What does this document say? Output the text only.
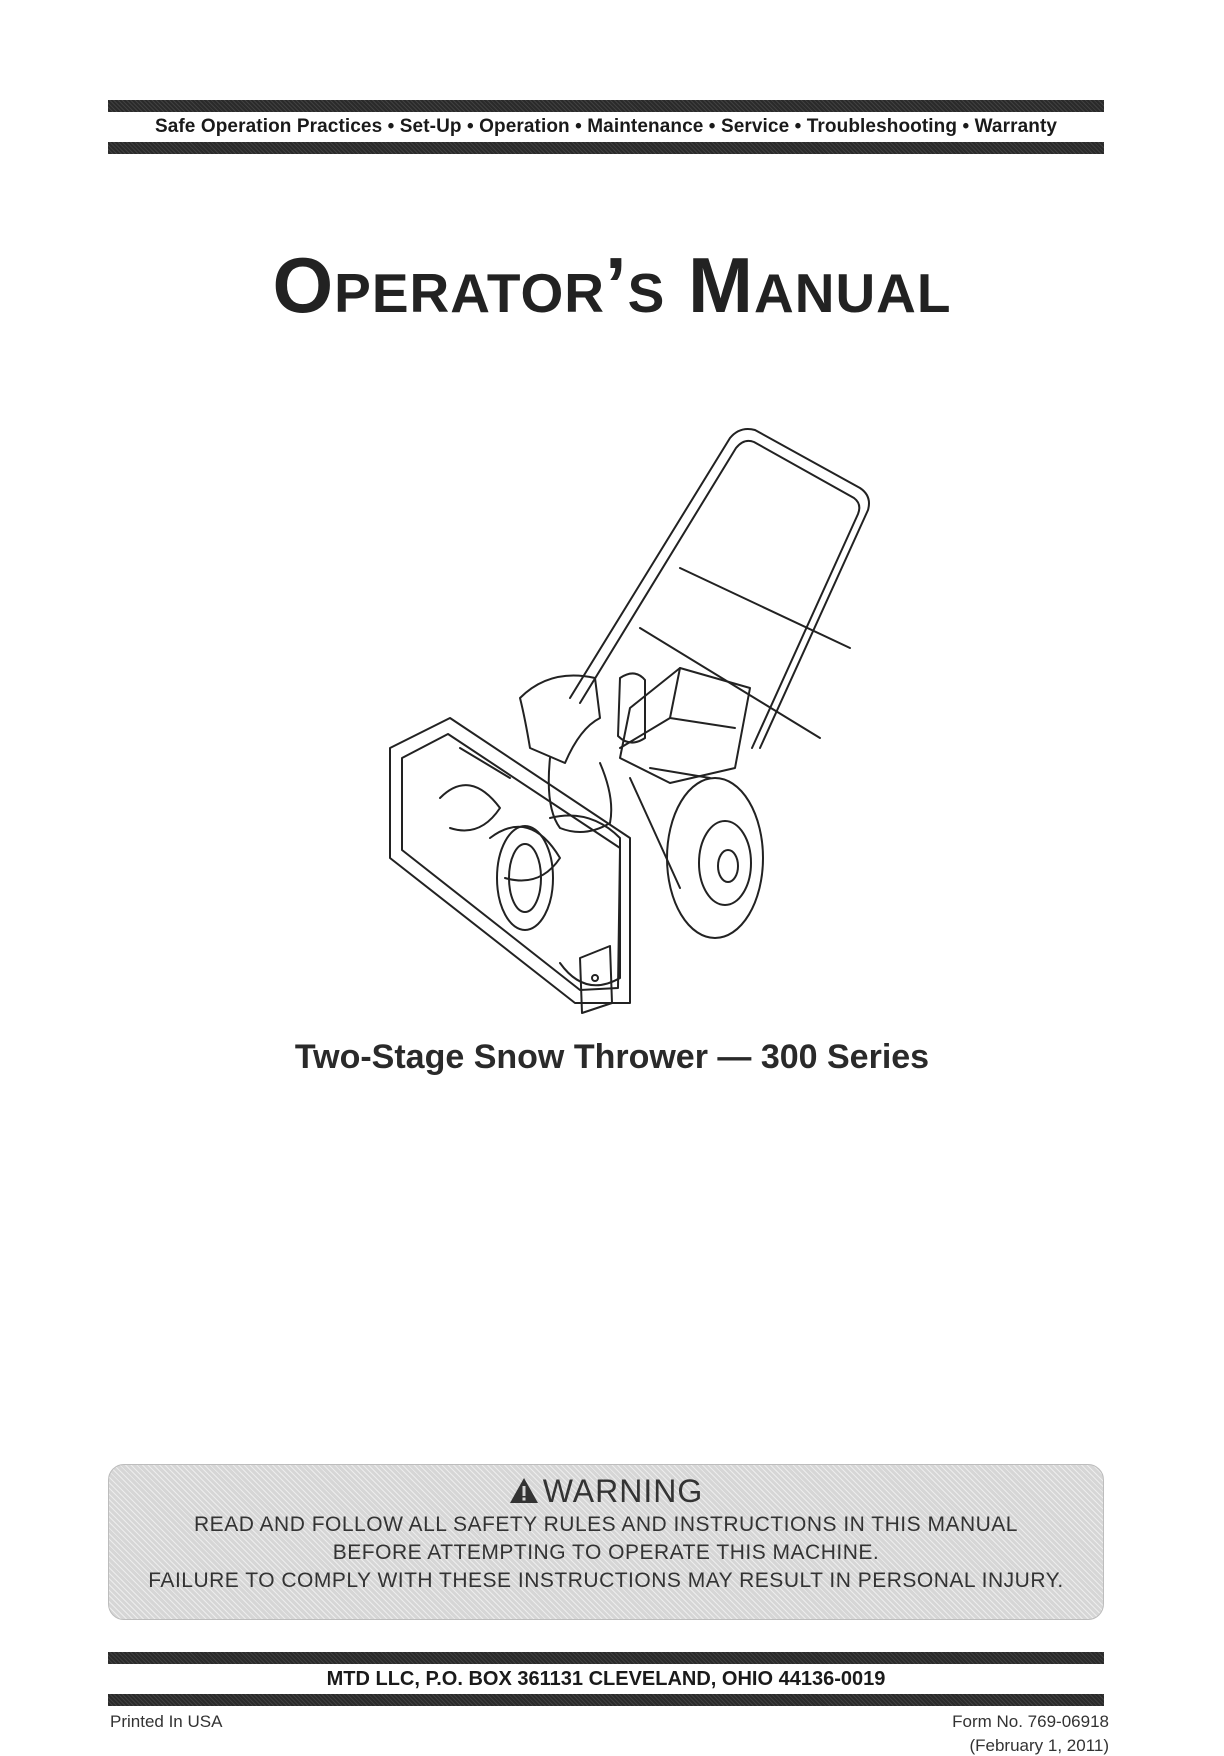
Safe Operation Practices • Set-Up • Operation • Maintenance • Service • Troubleshooting • Warranty
Operator’s Manual
Two-Stage Snow Thrower — 300 Series
WARNING
READ AND FOLLOW ALL SAFETY RULES AND INSTRUCTIONS IN THIS MANUAL
BEFORE ATTEMPTING TO OPERATE THIS MACHINE.
FAILURE TO COMPLY WITH THESE INSTRUCTIONS MAY RESULT IN PERSONAL INJURY.
MTD LLC, P.O. BOX 361131 CLEVELAND, OHIO 44136-0019
Printed In USA	Form No. 769-06918
(February 1, 2011)
